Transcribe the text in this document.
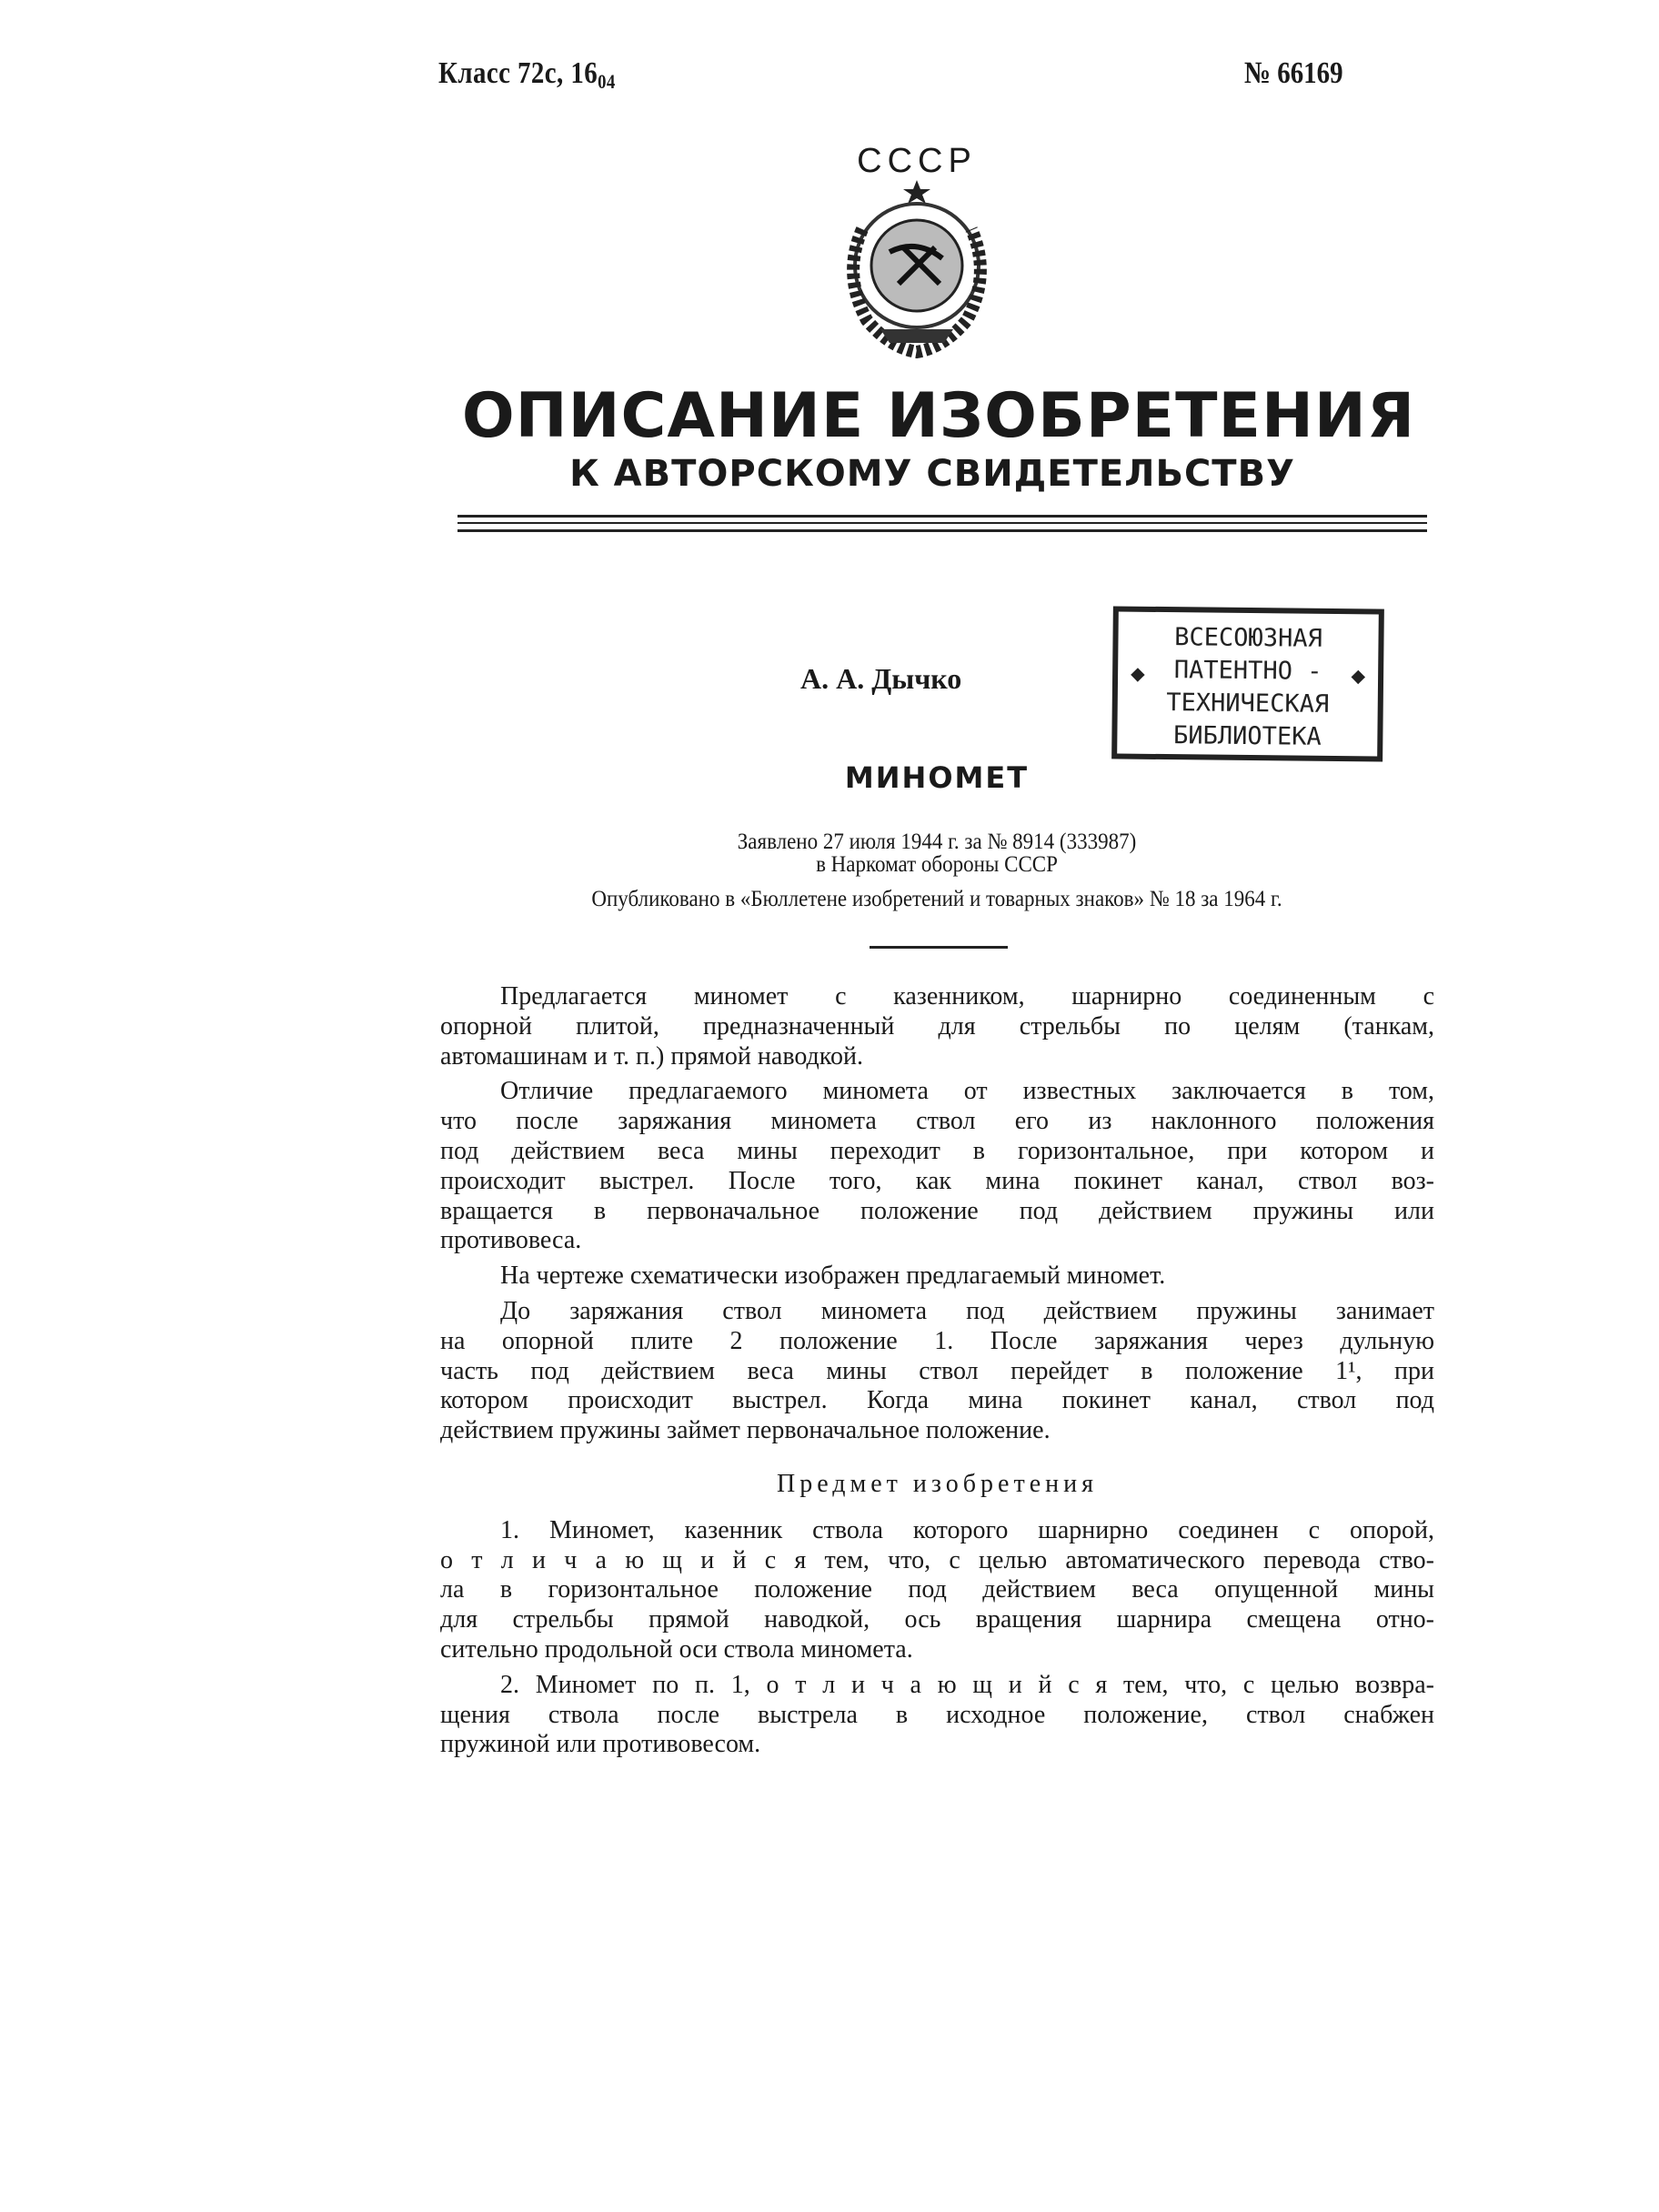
Класс 72с, $16_{04}$	№ 66169
СССР
ОПИСАНИЕ ИЗОБРЕТЕНИЯ
К АВТОРСКОМУ СВИДЕТЕЛЬСТВУ
А. А. Дычко	◆	◆
ВСЕСОЮЗНАЯ
ПАТЕНТНО -
ТЕХНИЧЕСКАЯ
БИБЛИОТЕКА
МИНОМЕТ
Заявлено 27 июля 1944 г. за № 8914 (333987)
в Наркомат обороны СССР
Опубликовано в «Бюллетене изобретений и товарных знаков» № 18 за 1964 г.
Предлагается миномет с казенником, шарнирно соединенным с
опорной плитой, предназначенный для стрельбы по целям (танкам,
автомашинам и т. п.) прямой наводкой.
Отличие предлагаемого миномета от известных заключается в том,
что после заряжания миномета ствол его из наклонного положения
под действием веса мины переходит в горизонтальное, при котором и
происходит выстрел. После того, как мина покинет канал, ствол воз-
вращается в первоначальное положение под действием пружины или
противовеса.
На чертеже схематически изображен предлагаемый миномет.
До заряжания ствол миномета под действием пружины занимает
на опорной плите 2 положение 1. После заряжания через дульную
часть под действием веса мины ствол перейдет в положение 1¹, при
котором происходит выстрел. Когда мина покинет канал, ствол под
действием пружины займет первоначальное положение.
Предмет изобретения
1. Миномет, казенник ствола которого шарнирно соединен с опорой,
о т л и ч а ю щ и й с я тем, что, с целью автоматического перевода ство-
ла в горизонтальное положение под действием веса опущенной мины
для стрельбы прямой наводкой, ось вращения шарнира смещена отно-
сительно продольной оси ствола миномета.
2. Миномет по п. 1, о т л и ч а ю щ и й с я тем, что, с целью возвра-
щения ствола после выстрела в исходное положение, ствол снабжен
пружиной или противовесом.
